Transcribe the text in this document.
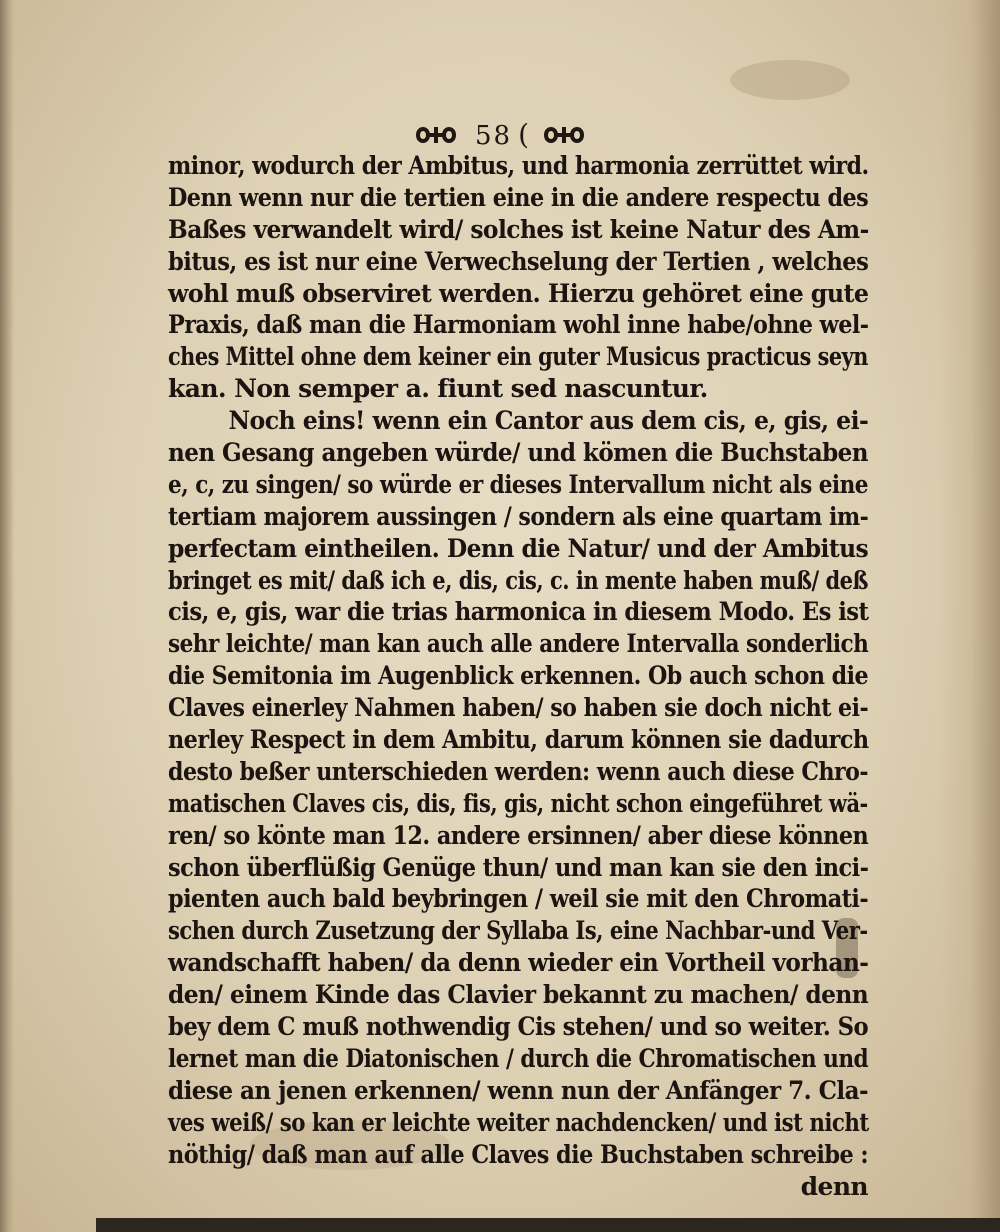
58 (
minor, wodurch der Ambitus, und harmonia zerrüttet wird.
Denn wenn nur die tertien eine in die andere respectu des
Baßes verwandelt wird/ solches ist keine Natur des Am-
bitus, es ist nur eine Verwechselung der Tertien , welches
wohl muß observiret werden. Hierzu gehöret eine gute
Praxis, daß man die Harmoniam wohl inne habe/ohne wel-
ches Mittel ohne dem keiner ein guter Musicus practicus seyn
kan. Non semper a. fiunt sed nascuntur.
Noch eins! wenn ein Cantor aus dem cis, e, gis, ei-
nen Gesang angeben würde/ und kömen die Buchstaben
e, c, zu singen/ so würde er dieses Intervallum nicht als eine
tertiam majorem aussingen / sondern als eine quartam im-
perfectam eintheilen. Denn die Natur/ und der Ambitus
bringet es mit/ daß ich e, dis, cis, c. in mente haben muß/ deß
cis, e, gis, war die trias harmonica in diesem Modo. Es ist
sehr leichte/ man kan auch alle andere Intervalla sonderlich
die Semitonia im Augenblick erkennen. Ob auch schon die
Claves einerley Nahmen haben/ so haben sie doch nicht ei-
nerley Respect in dem Ambitu, darum können sie dadurch
desto beßer unterschieden werden: wenn auch diese Chro-
matischen Claves cis, dis, fis, gis, nicht schon eingeführet wä-
ren/ so könte man 12. andere ersinnen/ aber diese können
schon überflüßig Genüge thun/ und man kan sie den inci-
pienten auch bald beybringen / weil sie mit den Chromati-
schen durch Zusetzung der Syllaba Is, eine Nachbar-und Ver-
wandschafft haben/ da denn wieder ein Vortheil vorhan-
den/ einem Kinde das Clavier bekannt zu machen/ denn
bey dem C muß nothwendig Cis stehen/ und so weiter. So
lernet man die Diatonischen / durch die Chromatischen und
diese an jenen erkennen/ wenn nun der Anfänger 7. Cla-
ves weiß/ so kan er leichte weiter nachdencken/ und ist nicht
nöthig/ daß man auf alle Claves die Buchstaben schreibe :
denn
